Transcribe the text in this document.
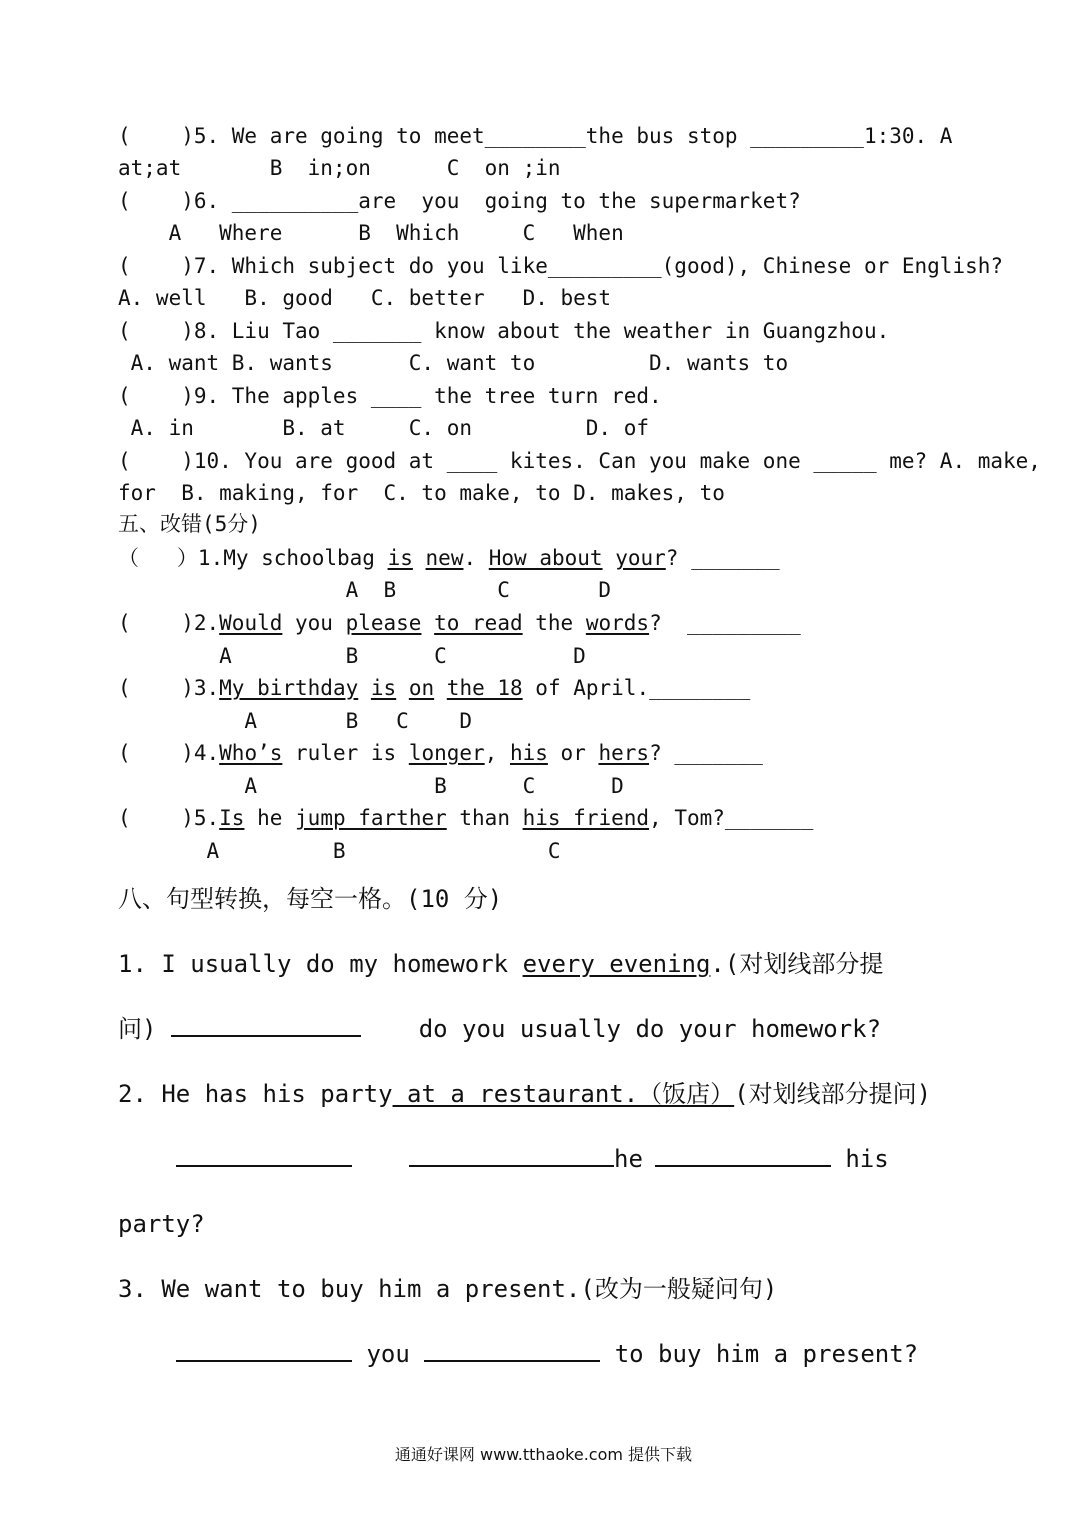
(    )5. We are going to meet________the bus stop _________1:30. A
at;at       B  in;on      C  on ;in
(    )6. __________are  you  going to the supermarket?
A   Where      B  Which     C   When
(    )7. Which subject do you like_________(good), Chinese or English?
A. well   B. good   C. better   D. best
(    )8. Liu Tao _______ know about the weather in Guangzhou.
A. want B. wants      C. want to         D. wants to
(    )9. The apples ____ the tree turn red.
A. in       B. at     C. on         D. of
(    )10. You are good at ____ kites. Can you make one _____ me? A. make,
for  B. making, for  C. to make, to D. makes, to
五、改错(5分)
（   ）1.My schoolbag is new. How about your? _______
A  B        C       D
(    )2.Would you please to read the words?  _________
A         B      C          D
(    )3.My birthday is on the 18 of April.________
A       B   C    D
(    )4.Who’s ruler is longer, his or hers? _______
A              B      C      D
(    )5.Is he jump farther than his friend, Tom?_______
A         B                C
八、句型转换，每空一格。(10 分)
1. I usually do my homework every evening.(对划线部分提
问)	do you usually do your homework?
2. He has his party at a restaurant.（饭店）(对划线部分提问)
he	his
party?
3. We want to buy him a present.(改为一般疑问句)
you	to buy him a present?
通通好课网 www.tthaoke.com 提供下载
